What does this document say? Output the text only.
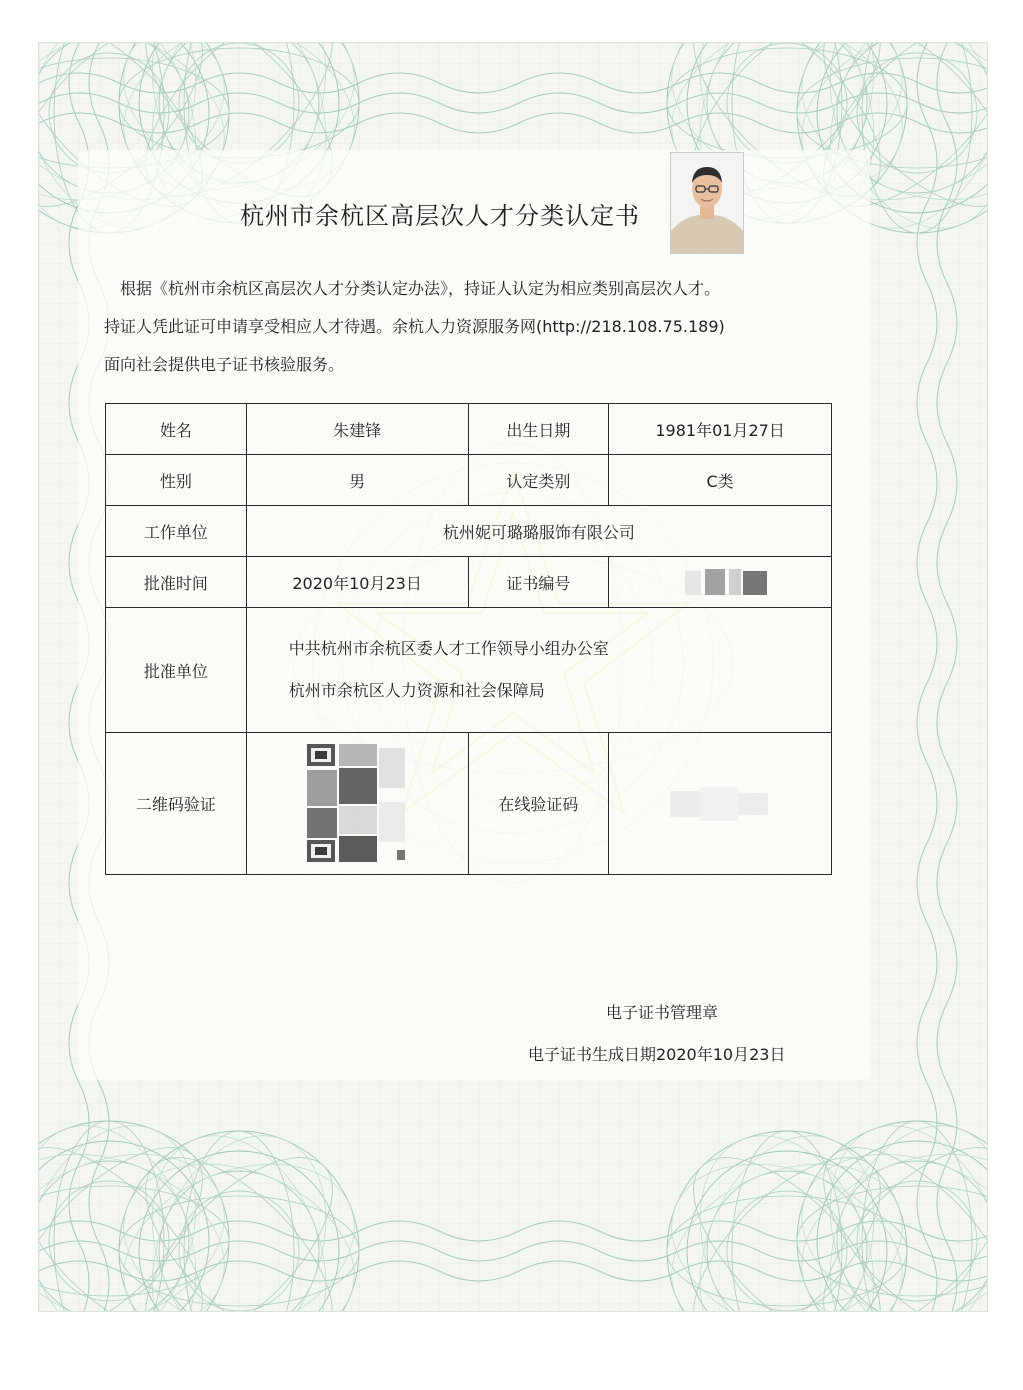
杭州市余杭区高层次人才分类认定书

根据《杭州市余杭区高层次人才分类认定办法》，持证人认定为相应类别高层次人才。

持证人凭此证可申请享受相应人才待遇。余杭人力资源服务网(http://218.108.75.189)

面向社会提供电子证书核验服务。

姓名	朱建锋	出生日期	1981年01月27日
性别	男	认定类别	C类
工作单位	杭州妮可璐璐服饰有限公司		
批准时间	2020年10月23日	证书编号	
批准单位	中共杭州市余杭区委人才工作领导小组办公室
杭州市余杭区人力资源和社会保障局		

二维码验证		在线验证码	
电子证书管理章
电子证书生成日期2020年10月23日
